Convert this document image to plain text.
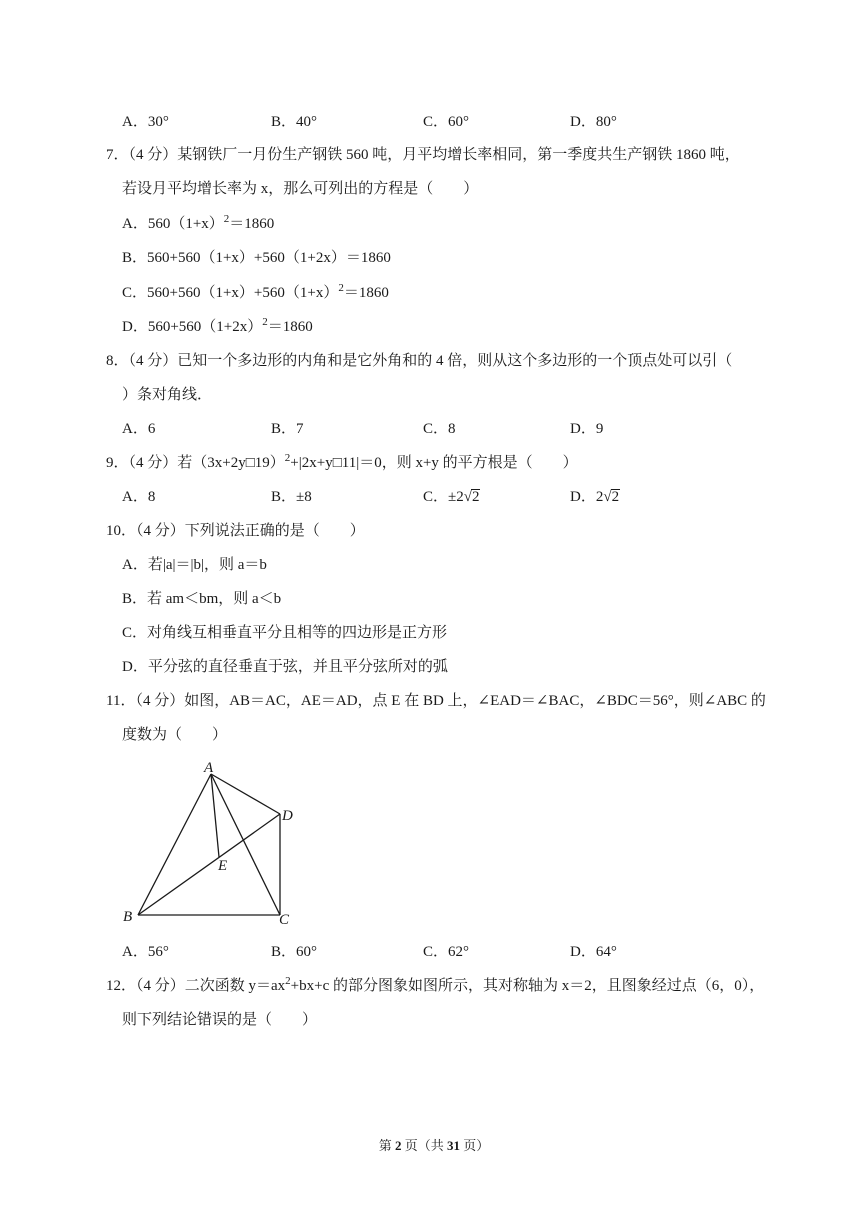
A．30°	B．40°	C．60°	D．80°
7．（4 分）某钢铁厂一月份生产钢铁 560 吨，月平均增长率相同，第一季度共生产钢铁 1860 吨，
若设月平均增长率为 x，那么可列出的方程是（　　）
A．$560(1+x)^2=1860$
B．560+560（1+x）+560（1+2x）＝1860
C．$560+560(1+x)+560(1+x)^2=1860$
D．$560+560(1+2x)^2=1860$
8．（4 分）已知一个多边形的内角和是它外角和的 4 倍，则从这个多边形的一个顶点处可以引（
）条对角线．
A．6	B．7	C．8	D．9
9．（4 分）若（3x+2y□19）$^2$+|2x+y□11|＝0，则 x+y 的平方根是（　　）
A．8	B．±8	C．±2√2	D．2√2
10．（4 分）下列说法正确的是（　　）
A．若|a|＝|b|，则 a＝b
B．若 am＜bm，则 a＜b
C．对角线互相垂直平分且相等的四边形是正方形
D．平分弦的直径垂直于弦，并且平分弦所对的弧
11．（4 分）如图，AB＝AC，AE＝AD，点 E 在 BD 上，∠EAD＝∠BAC，∠BDC＝56°，则∠ABC 的
度数为（　　）
A
B	C
D
E
A．56°	B．60°	C．62°	D．64°
12．（4 分）二次函数 $y=ax^2+bx+c$ 的部分图象如图所示，其对称轴为 x＝2，且图象经过点（6，0），
则下列结论错误的是（　　）
第 2 页（共 31 页）
